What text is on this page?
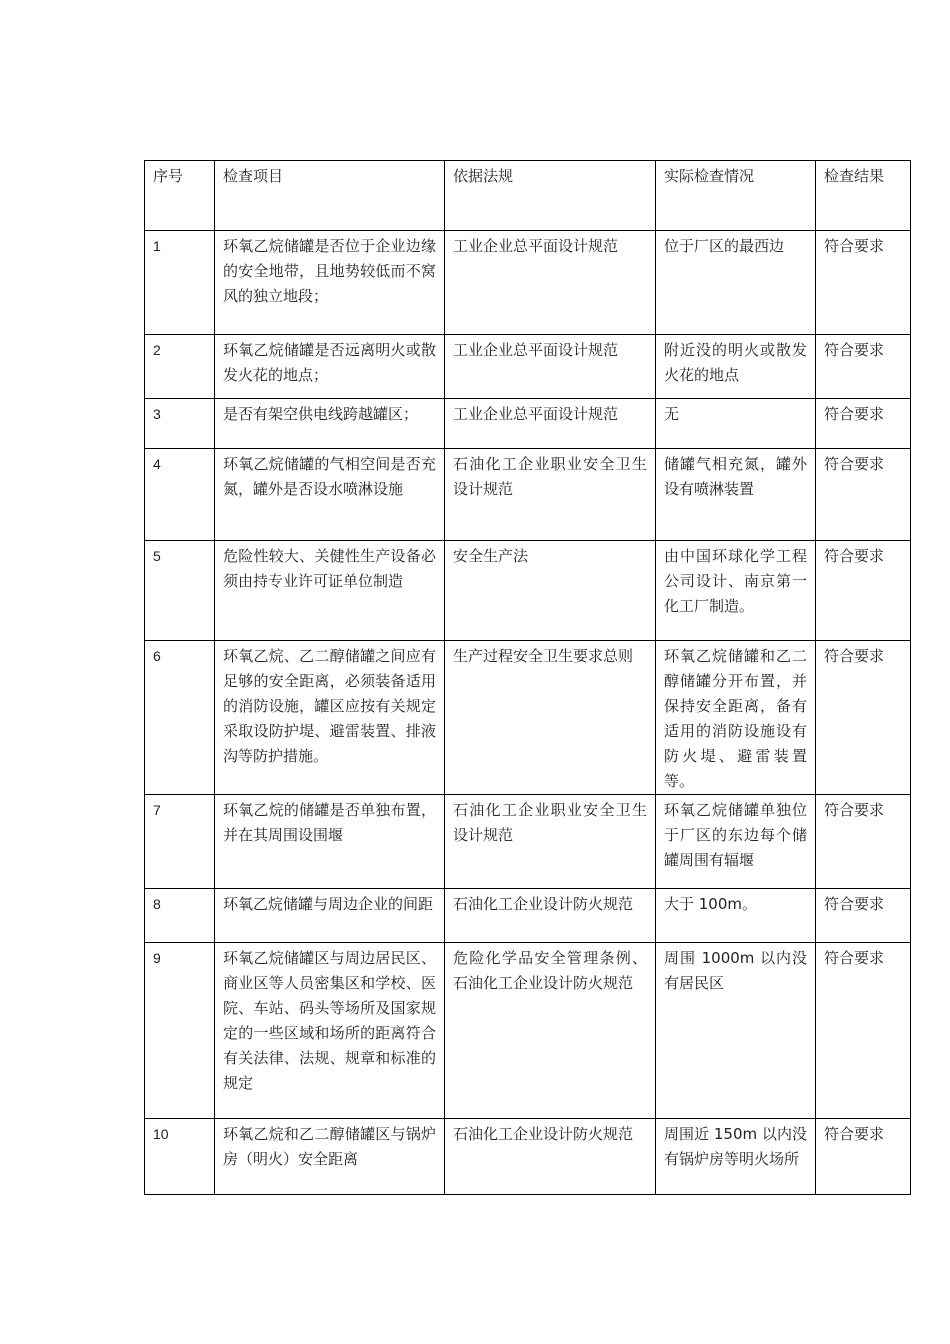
序号	检查项目	依据法规	实际检查情况	检查结果
1	环氧乙烷储罐是否位于企业边缘的安全地带，且地势较低而不窝风的独立地段；	工业企业总平面设计规范	位于厂区的最西边	符合要求
2	环氧乙烷储罐是否远离明火或散发火花的地点；	工业企业总平面设计规范	附近没的明火或散发火花的地点	符合要求
3	是否有架空供电线跨越罐区；	工业企业总平面设计规范	无	符合要求
4	环氧乙烷储罐的气相空间是否充氮，罐外是否设水喷淋设施	石油化工企业职业安全卫生设计规范	储罐气相充氮，罐外设有喷淋装置	符合要求
5	危险性较大、关健性生产设备必须由持专业许可证单位制造	安全生产法	由中国环球化学工程公司设计、南京第一化工厂制造。	符合要求
6	环氧乙烷、乙二醇储罐之间应有足够的安全距离，必须装备适用的消防设施，罐区应按有关规定采取设防护堤、避雷装置、排液沟等防护措施。	生产过程安全卫生要求总则	环氧乙烷储罐和乙二醇储罐分开布置，并保持安全距离，备有适用的消防设施设有防火堤、避雷装置等。	符合要求
7	环氧乙烷的储罐是否单独布置，并在其周围设围堰	石油化工企业职业安全卫生设计规范	环氧乙烷储罐单独位于厂区的东边每个储罐周围有辐堰	符合要求
8	环氧乙烷储罐与周边企业的间距	石油化工企业设计防火规范	大于 100m。	符合要求
9	环氧乙烷储罐区与周边居民区、商业区等人员密集区和学校、医院、车站、码头等场所及国家规定的一些区域和场所的距离符合有关法律、法规、规章和标准的规定	危险化学品安全管理条例、石油化工企业设计防火规范	周围 1000m 以内没有居民区	符合要求
10	环氧乙烷和乙二醇储罐区与锅炉房（明火）安全距离	石油化工企业设计防火规范	周围近 150m 以内没有锅炉房等明火场所	符合要求
